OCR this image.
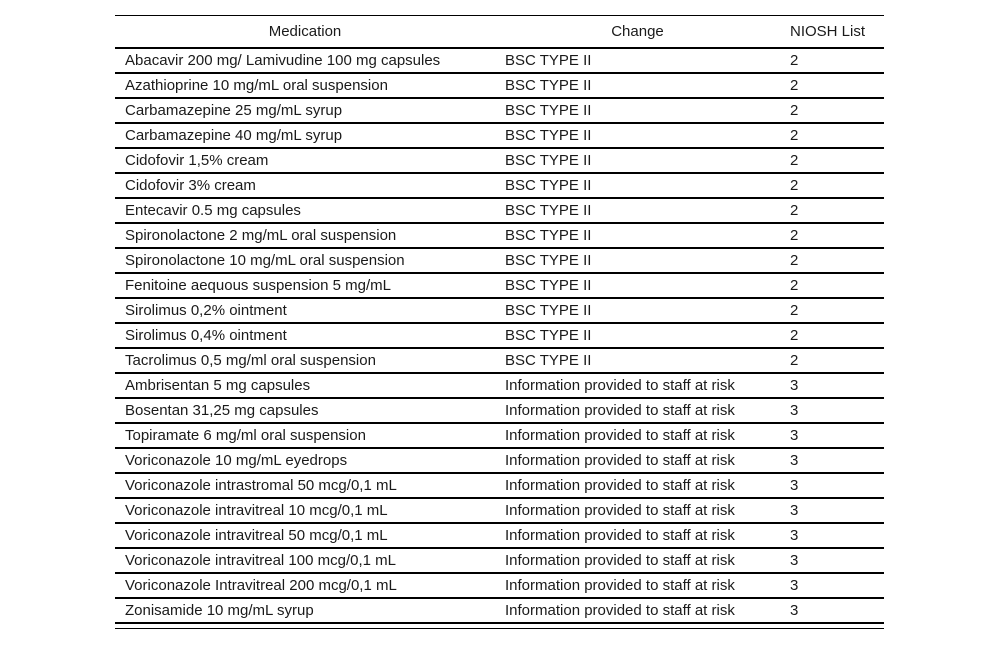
Medication	Change	NIOSH List
Abacavir 200 mg/ Lamivudine 100 mg capsules	BSC TYPE II	2
Azathioprine 10 mg/mL oral suspension	BSC TYPE II	2
Carbamazepine 25 mg/mL syrup	BSC TYPE II	2
Carbamazepine 40 mg/mL syrup	BSC TYPE II	2
Cidofovir 1,5% cream	BSC TYPE II	2
Cidofovir 3% cream	BSC TYPE II	2
Entecavir 0.5 mg capsules	BSC TYPE II	2
Spironolactone 2 mg/mL oral suspension	BSC TYPE II	2
Spironolactone 10 mg/mL oral suspension	BSC TYPE II	2
Fenitoine aequous suspension 5 mg/mL	BSC TYPE II	2
Sirolimus 0,2% ointment	BSC TYPE II	2
Sirolimus 0,4% ointment	BSC TYPE II	2
Tacrolimus 0,5 mg/ml oral suspension	BSC TYPE II	2
Ambrisentan 5 mg capsules	Information provided to staff at risk	3
Bosentan 31,25 mg capsules	Information provided to staff at risk	3
Topiramate 6 mg/ml oral suspension	Information provided to staff at risk	3
Voriconazole 10 mg/mL eyedrops	Information provided to staff at risk	3
Voriconazole intrastromal 50 mcg/0,1 mL	Information provided to staff at risk	3
Voriconazole intravitreal 10 mcg/0,1 mL	Information provided to staff at risk	3
Voriconazole intravitreal 50 mcg/0,1 mL	Information provided to staff at risk	3
Voriconazole intravitreal 100 mcg/0,1 mL	Information provided to staff at risk	3
Voriconazole Intravitreal 200 mcg/0,1 mL	Information provided to staff at risk	3
Zonisamide 10 mg/mL syrup	Information provided to staff at risk	3
